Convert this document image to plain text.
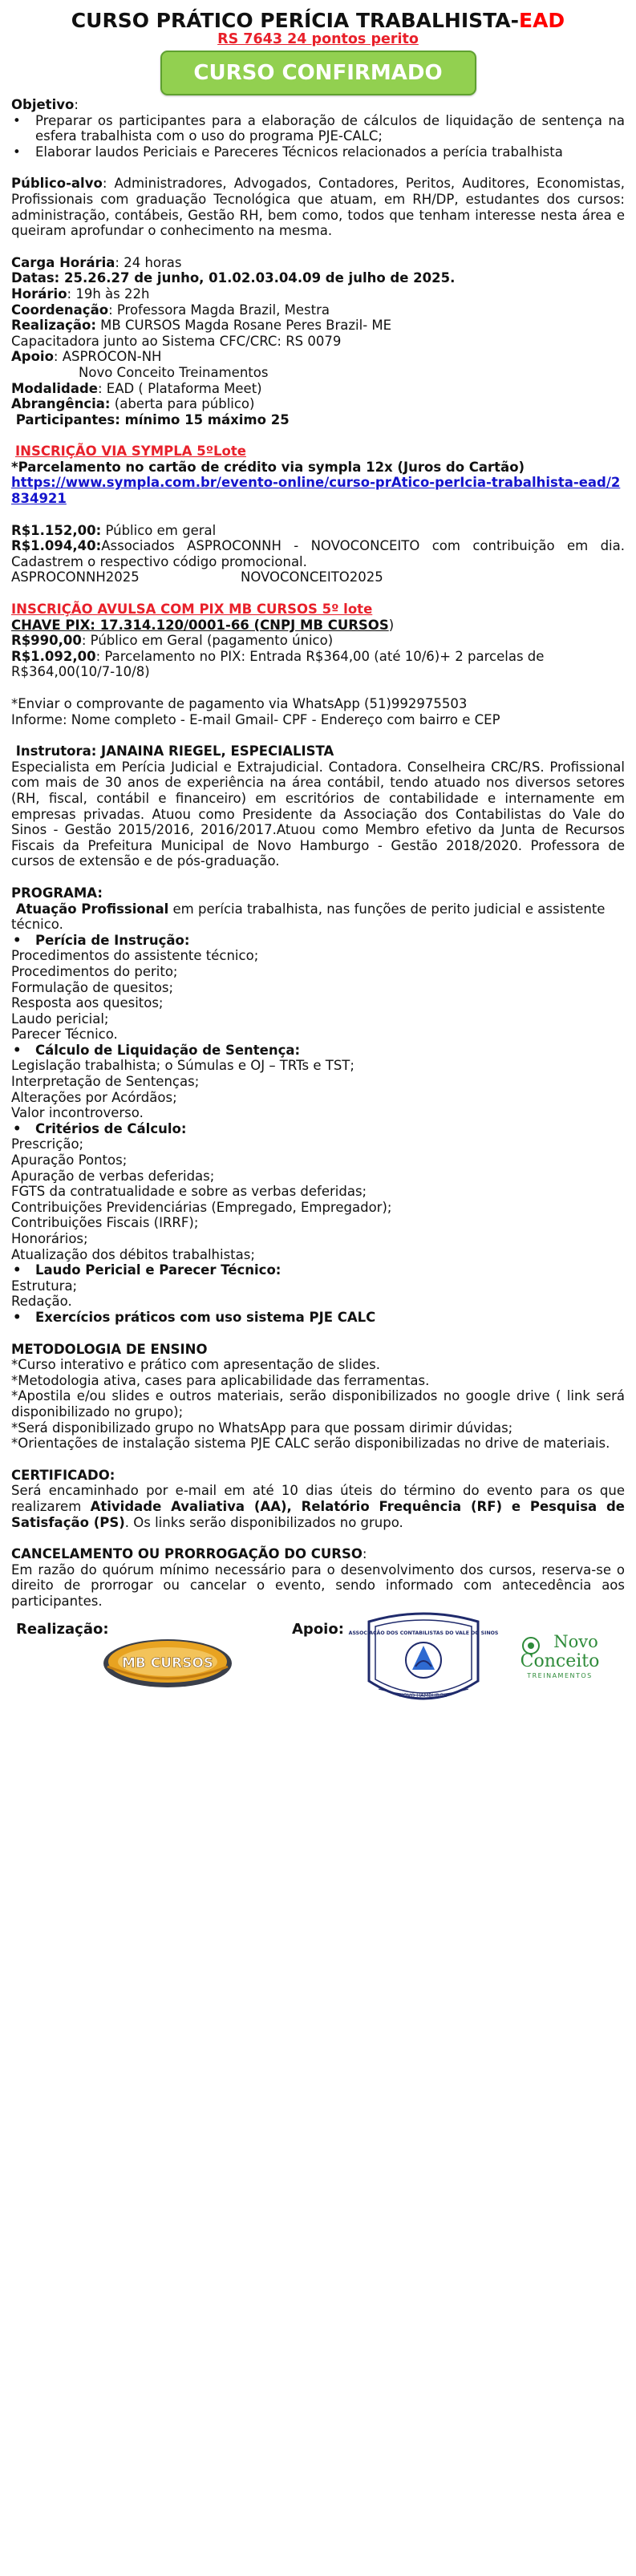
CURSO PRÁTICO PERÍCIA TRABALHISTA-EAD

RS 7643 24 pontos perito

CURSO CONFIRMADO

Objetivo:

• Preparar os participantes para a elaboração de cálculos de liquidação de sentença na esfera trabalhista com o uso do programa PJE-CALC;
• Elaborar laudos Periciais e Pareceres Técnicos relacionados a perícia trabalhista

Público-alvo: Administradores, Advogados, Contadores, Peritos, Auditores, Economistas, Profissionais com graduação Tecnológica que atuam, em RH/DP, estudantes dos cursos: administração, contábeis, Gestão RH, bem como, todos que tenham interesse nesta área e queiram aprofundar o conhecimento na mesma.

Carga Horária: 24 horas

Datas: 25.26.27 de junho, 01.02.03.04.09 de julho de 2025.

Horário: 19h às 22h

Coordenação: Professora Magda Brazil, Mestra

Realização: MB CURSOS Magda Rosane Peres Brazil- ME

Capacitadora junto ao Sistema CFC/CRC: RS 0079

Apoio: ASPROCON-NH

Novo Conceito Treinamentos

Modalidade: EAD ( Plataforma Meet)

Abrangência: (aberta para público)

Participantes: mínimo 15 máximo 25

INSCRIÇÃO VIA SYMPLA 5ºLote

*Parcelamento no cartão de crédito via sympla 12x (Juros do Cartão)

https://www.sympla.com.br/evento-online/curso-prAtico-perIcia-trabalhista-ead/2834921

R$1.152,00: Público em geral

R$1.094,40:Associados ASPROCONNH - NOVOCONCEITO com contribuição em dia. Cadastrem o respectivo código promocional.

ASPROCONNH2025	NOVOCONCEITO2025

INSCRIÇÃO AVULSA COM PIX MB CURSOS 5º lote

CHAVE PIX: 17.314.120/0001-66 (CNPJ MB CURSOS)

R$990,00: Público em Geral (pagamento único)

R$1.092,00: Parcelamento no PIX: Entrada R$364,00 (até 10/6)+ 2 parcelas de R$364,00(10/7-10/8)

*Enviar o comprovante de pagamento via WhatsApp (51)992975503

Informe: Nome completo - E-mail Gmail- CPF - Endereço com bairro e CEP

Instrutora: JANAINA RIEGEL, ESPECIALISTA

Especialista em Perícia Judicial e Extrajudicial. Contadora. Conselheira CRC/RS. Profissional com mais de 30 anos de experiência na área contábil, tendo atuado nos diversos setores (RH, fiscal, contábil e financeiro) em escritórios de contabilidade e internamente em empresas privadas. Atuou como Presidente da Associação dos Contabilistas do Vale do Sinos - Gestão 2015/2016, 2016/2017.Atuou como Membro efetivo da Junta de Recursos Fiscais da Prefeitura Municipal de Novo Hamburgo - Gestão 2018/2020. Professora de cursos de extensão e de pós-graduação.

PROGRAMA:

Atuação Profissional em perícia trabalhista, nas funções de perito judicial e assistente técnico.

• Perícia de Instrução:

Procedimentos do assistente técnico;

Procedimentos do perito;

Formulação de quesitos;

Resposta aos quesitos;

Laudo pericial;

Parecer Técnico.

• Cálculo de Liquidação de Sentença:

Legislação trabalhista; o Súmulas e OJ – TRTs e TST;

Interpretação de Sentenças;

Alterações por Acórdãos;

Valor incontroverso.

• Critérios de Cálculo:

Prescrição;

Apuração Pontos;

Apuração de verbas deferidas;

FGTS da contratualidade e sobre as verbas deferidas;

Contribuições Previdenciárias (Empregado, Empregador);

Contribuições Fiscais (IRRF);

Honorários;

Atualização dos débitos trabalhistas;

• Laudo Pericial e Parecer Técnico:

Estrutura;

Redação.

• Exercícios práticos com uso sistema PJE CALC

METODOLOGIA DE ENSINO

*Curso interativo e prático com apresentação de slides.

*Metodologia ativa, cases para aplicabilidade das ferramentas.

*Apostila e/ou slides e outros materiais, serão disponibilizados no google drive ( link será disponibilizado no grupo);

*Será disponibilizado grupo no WhatsApp para que possam dirimir dúvidas;

*Orientações de instalação sistema PJE CALC serão disponibilizadas no drive de materiais.

CERTIFICADO:

Será encaminhado por e-mail em até 10 dias úteis do término do evento para os que realizarem Atividade Avaliativa (AA), Relatório Frequência (RF) e Pesquisa de Satisfação (PS). Os links serão disponibilizados no grupo.

CANCELAMENTO OU PRORROGAÇÃO DO CURSO:

Em razão do quórum mínimo necessário para o desenvolvimento dos cursos, reserva-se o direito de prorrogar ou cancelar o evento, sendo informado com antecedência aos participantes.

Realização:
MB CURSOS
Apoio: ASSOCIAÇÃO DOS CONTABILISTAS DO VALE DO SINOS
NOVO HAMBURGO
Novo
Conceito
TREINAMENTOS
